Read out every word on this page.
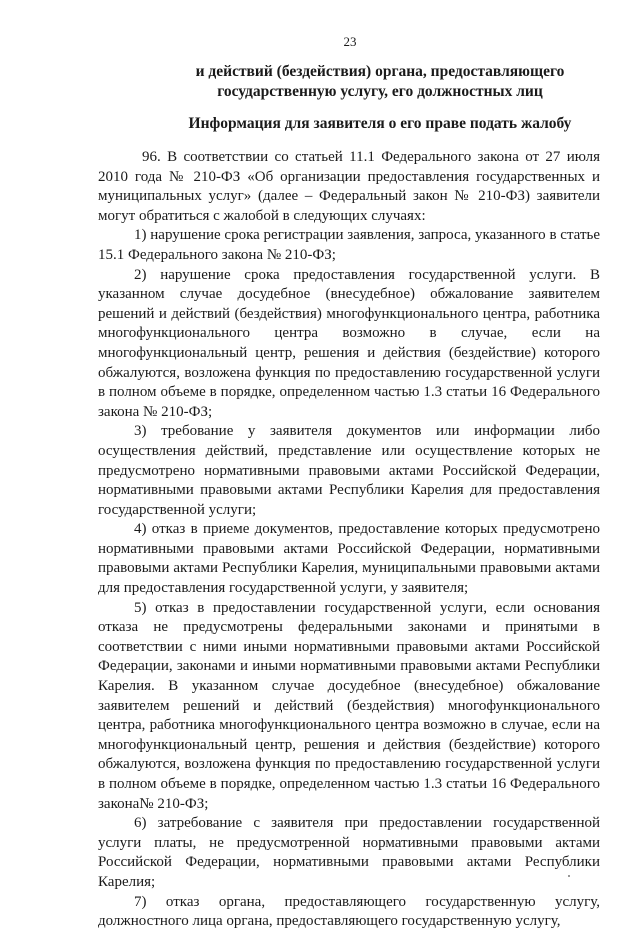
23
и действий (бездействия) органа, предоставляющего государственную услугу, его должностных лиц
Информация для заявителя о его праве подать жалобу

96. В соответствии со статьей 11.1 Федерального закона от 27 июля 2010 года № 210-ФЗ «Об организации предоставления государственных и муниципальных услуг» (далее – Федеральный закон № 210-ФЗ) заявители могут обратиться с жалобой в следующих случаях:

1) нарушение срока регистрации заявления, запроса, указанного в статье 15.1 Федерального закона № 210-ФЗ;

2) нарушение срока предоставления государственной услуги. В указанном случае досудебное (внесудебное) обжалование заявителем решений и действий (бездействия) многофункционального центра, работника многофункционального центра возможно в случае, если на многофункциональный центр, решения и действия (бездействие) которого обжалуются, возложена функция по предоставлению государственной услуги в полном объеме в порядке, определенном частью 1.3 статьи 16 Федерального закона № 210-ФЗ;

3) требование у заявителя документов или информации либо осуществления действий, представление или осуществление которых не предусмотрено нормативными правовыми актами Российской Федерации, нормативными правовыми актами Республики Карелия для предоставления государственной услуги;

4) отказ в приеме документов, предоставление которых предусмотрено нормативными правовыми актами Российской Федерации, нормативными правовыми актами Республики Карелия, муниципальными правовыми актами для предоставления государственной услуги, у заявителя;

5) отказ в предоставлении государственной услуги, если основания отказа не предусмотрены федеральными законами и принятыми в соответствии с ними иными нормативными правовыми актами Российской Федерации, законами и иными нормативными правовыми актами Республики Карелия. В указанном случае досудебное (внесудебное) обжалование заявителем решений и действий (бездействия) многофункционального центра, работника многофункционального центра возможно в случае, если на многофункциональный центр, решения и действия (бездействие) которого обжалуются, возложена функция по предоставлению государственной услуги в полном объеме в порядке, определенном частью 1.3 статьи 16 Федерального закона№ 210-ФЗ;

6) затребование с заявителя при предоставлении государственной услуги платы, не предусмотренной нормативными правовыми актами Российской Федерации, нормативными правовыми актами Республики Карелия;

7) отказ органа, предоставляющего государственную услугу, должностного лица органа, предоставляющего государственную услугу,
